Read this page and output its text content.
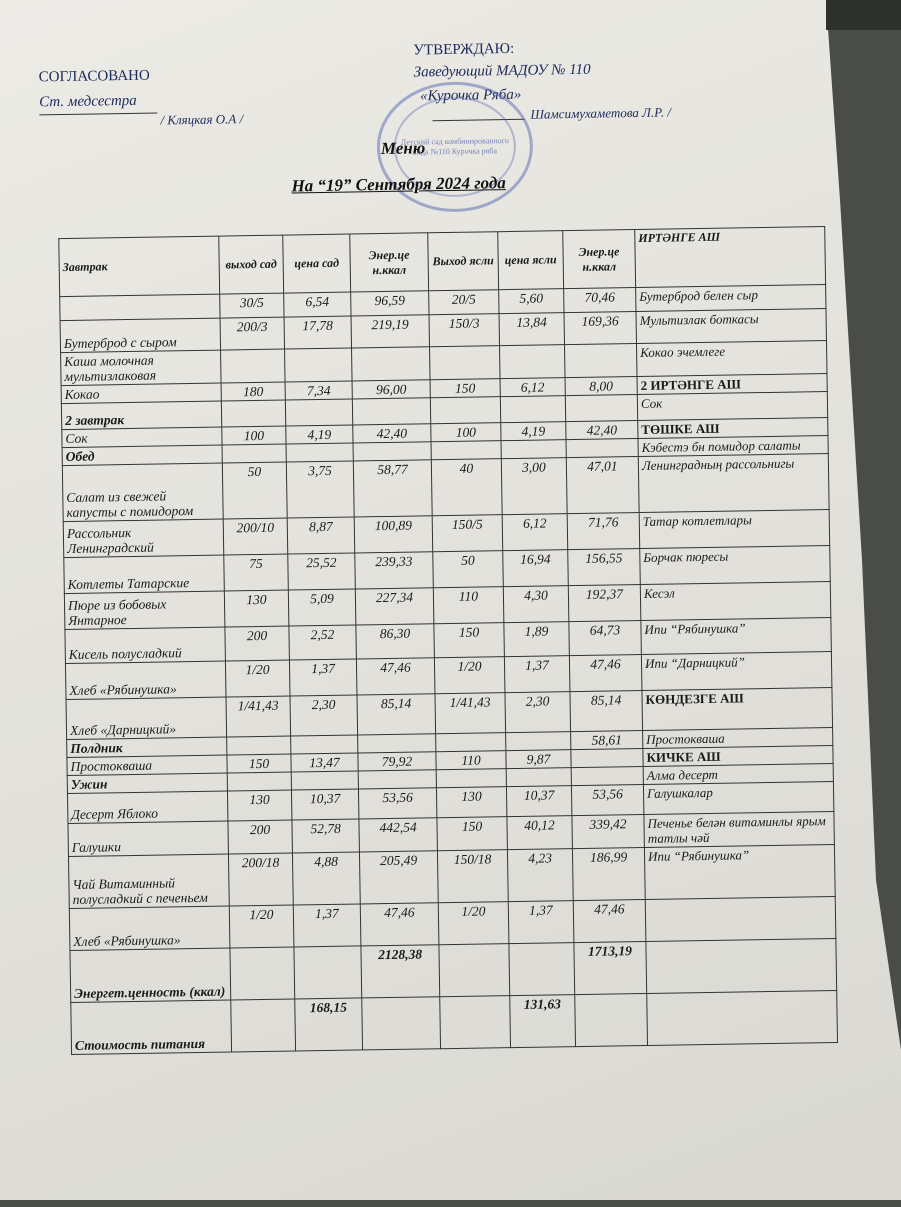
СОГЛАСОВАНО
Ст. медсестра
/ Кляцкая О.А /
УТВЕРЖДАЮ:
Заведующий МАДОУ № 110
«Курочка Ряба»
Шамсимухаметова Л.Р. /
Детский сад комбинированного вида №110 Курочка ряба
Меню
На “19” Сентября 2024 года
Завтрак	выход сад	цена сад	Энер.це н.ккал	Выход ясли	цена ясли	Энер.це н.ккал	ИРТӘНГЕ АШ
	30/5	6,54	96,59	20/5	5,60	70,46	Бутерброд белен сыр
Бутерброд с сыром	200/3	17,78	219,19	150/3	13,84	169,36	Мультизлак боткасы
Каша молочная мультизлаковая							Кокао эчемлеге
Кокао	180	7,34	96,00	150	6,12	8,00	2 ИРТӘНГЕ АШ
2 завтрак							Сок
Сок	100	4,19	42,40	100	4,19	42,40	ТӨШКЕ АШ
Обед							Кэбестэ бн помидор салаты
Салат из свежей капусты с помидором	50	3,75	58,77	40	3,00	47,01	Ленинградның рассольнигы
Рассольник Ленинградский	200/10	8,87	100,89	150/5	6,12	71,76	Татар котлетлары
Котлеты Татарские	75	25,52	239,33	50	16,94	156,55	Борчак пюресы
Пюре из бобовых Янтарное	130	5,09	227,34	110	4,30	192,37	Кесэл
Кисель полусладкий	200	2,52	86,30	150	1,89	64,73	Ипи “Рябинушка”
Хлеб «Рябинушка»	1/20	1,37	47,46	1/20	1,37	47,46	Ипи “Дарницкий”
Хлеб «Дарницкий»	1/41,43	2,30	85,14	1/41,43	2,30	85,14	КӨНДЕЗГЕ АШ
Полдник						58,61	Простокваша
Простокваша	150	13,47	79,92	110	9,87		КИЧКЕ АШ
Ужин							Алма десерт
Десерт Яблоко	130	10,37	53,56	130	10,37	53,56	Галушкалар
Галушки	200	52,78	442,54	150	40,12	339,42	Печенье белән витаминлы ярым татлы чәй
Чай Витаминный полусладкий с печеньем	200/18	4,88	205,49	150/18	4,23	186,99	Ипи “Рябинушка”
Хлеб «Рябинушка»	1/20	1,37	47,46	1/20	1,37	47,46	
Энергет.ценность (ккал)			2128,38			1713,19	
Стоимость питания		168,15			131,63		
